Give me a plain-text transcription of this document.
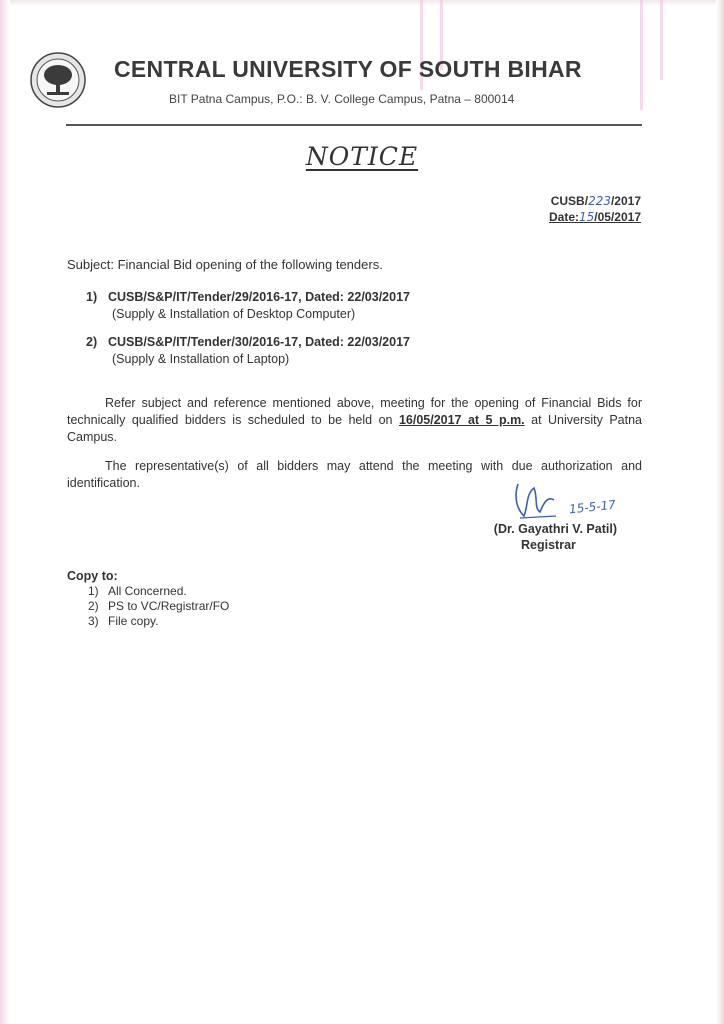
CENTRAL UNIVERSITY OF SOUTH BIHAR
BIT Patna Campus, P.O.: B. V. College Campus, Patna – 800014
NOTICE
CUSB/223/2017
Date:15/05/2017
Subject: Financial Bid opening of the following tenders.
1) CUSB/S&P/IT/Tender/29/2016-17, Dated: 22/03/2017
(Supply & Installation of Desktop Computer)
2) CUSB/S&P/IT/Tender/30/2016-17, Dated: 22/03/2017
(Supply & Installation of Laptop)
Refer subject and reference mentioned above, meeting for the opening of Financial Bids for technically qualified bidders is scheduled to be held on 16/05/2017 at 5 p.m. at University Patna Campus.
The representative(s) of all bidders may attend the meeting with due authorization and identification.
15-5-17
(Dr. Gayathri V. Patil)
Registrar
Copy to:
1) All Concerned.
2) PS to VC/Registrar/FO
3) File copy.
